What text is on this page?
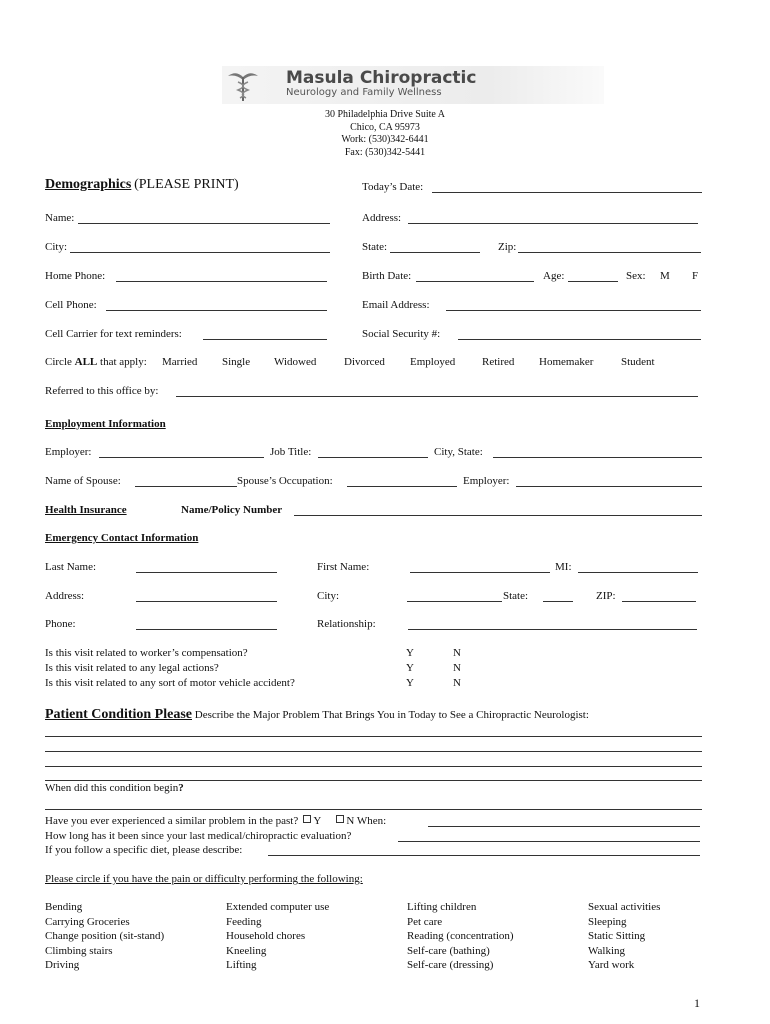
Masula Chiropractic
Neurology and Family Wellness
30 Philadelphia Drive Suite A
Chico, CA 95973
Work: (530)342-6441
Fax: (530)342-5441
Demographics (PLEASE PRINT)	Today’s Date:
Name:	Address:
City:	State:	Zip:
Home Phone:	Birth Date:	Age:	Sex: M F
Cell Phone:	Email Address:
Cell Carrier for text reminders:	Social Security #:
Circle ALL that apply: Married Single Widowed	Divorced Employed Retired Homemaker	Student
Referred to this office by:
Employment Information
Employer:	Job Title:	City, State:
Name of Spouse:	Spouse’s Occupation:	Employer:
Health Insurance	Name/Policy Number
Emergency Contact Information
Last Name:	First Name:	MI:
Address:	City:	State:	ZIP:
Phone:	Relationship:
Is this visit related to worker’s compensation?	Y	N
Is this visit related to any legal actions?	Y	N
Is this visit related to any sort of motor vehicle accident?	Y	N
Patient Condition Please Describe the Major Problem That Brings You in Today to See a Chiropractic Neurologist:
When did this condition begin?
Have you ever experienced a similar problem in the past? Y N When:
How long has it been since your last medical/chiropractic evaluation?
If you follow a specific diet, please describe:
Please circle if you have the pain or difficulty performing the following:
Bending
Carrying Groceries
Change position (sit-stand)
Climbing stairs
Driving
Extended computer use
Feeding
Household chores
Kneeling
Lifting
Lifting children
Pet care
Reading (concentration)
Self-care (bathing)
Self-care (dressing)
Sexual activities
Sleeping
Static Sitting
Walking
Yard work
1
